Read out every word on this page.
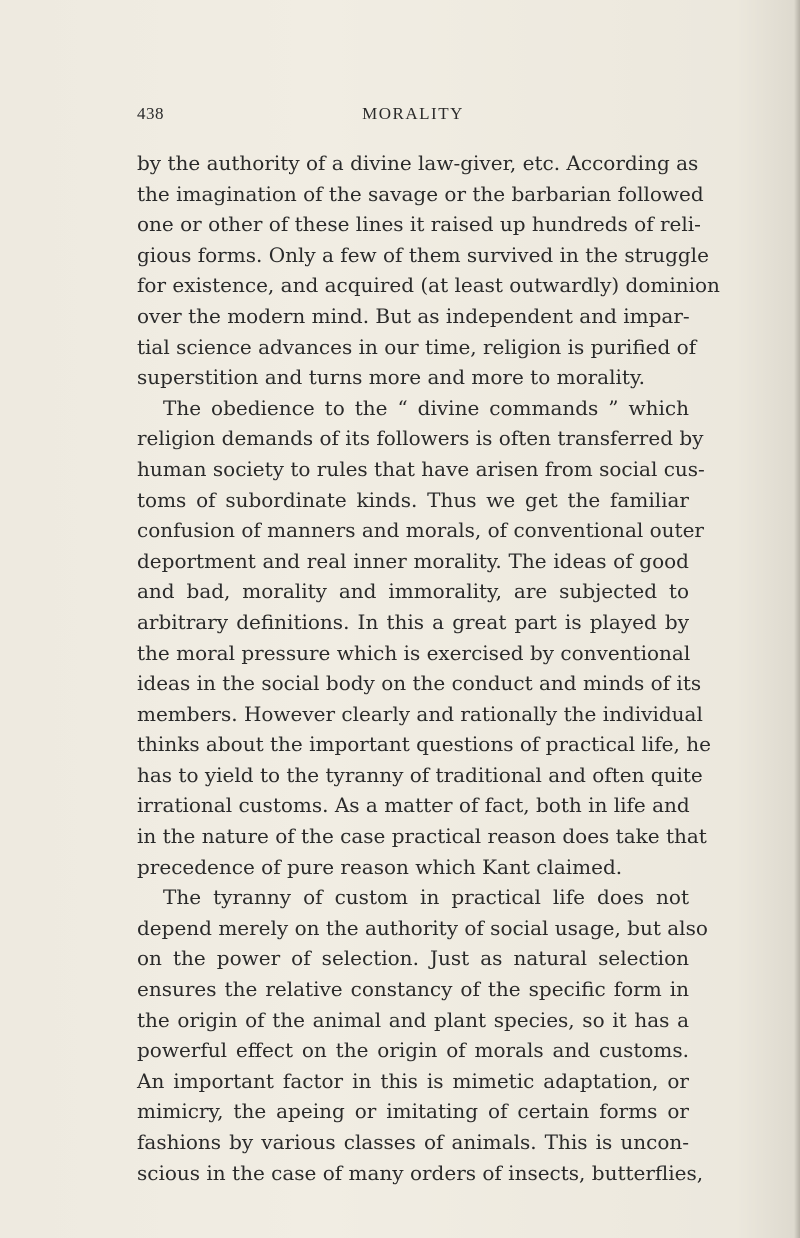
438	MORALITY
by the authority of a divine law-giver, etc. According as
the imagination of the savage or the barbarian followed
one or other of these lines it raised up hundreds of reli-
gious forms. Only a few of them survived in the struggle
for existence, and acquired (at least outwardly) dominion
over the modern mind. But as independent and impar-
tial science advances in our time, religion is purified of
superstition and turns more and more to morality.
The obedience to the “ divine commands ” which
religion demands of its followers is often transferred by
human society to rules that have arisen from social cus-
toms of subordinate kinds. Thus we get the familiar
confusion of manners and morals, of conventional outer
deportment and real inner morality. The ideas of good
and bad, morality and immorality, are subjected to
arbitrary definitions. In this a great part is played by
the moral pressure which is exercised by conventional
ideas in the social body on the conduct and minds of its
members. However clearly and rationally the individual
thinks about the important questions of practical life, he
has to yield to the tyranny of traditional and often quite
irrational customs. As a matter of fact, both in life and
in the nature of the case practical reason does take that
precedence of pure reason which Kant claimed.
The tyranny of custom in practical life does not
depend merely on the authority of social usage, but also
on the power of selection. Just as natural selection
ensures the relative constancy of the specific form in
the origin of the animal and plant species, so it has a
powerful effect on the origin of morals and customs.
An important factor in this is mimetic adaptation, or
mimicry, the apeing or imitating of certain forms or
fashions by various classes of animals. This is uncon-
scious in the case of many orders of insects, butterflies,
